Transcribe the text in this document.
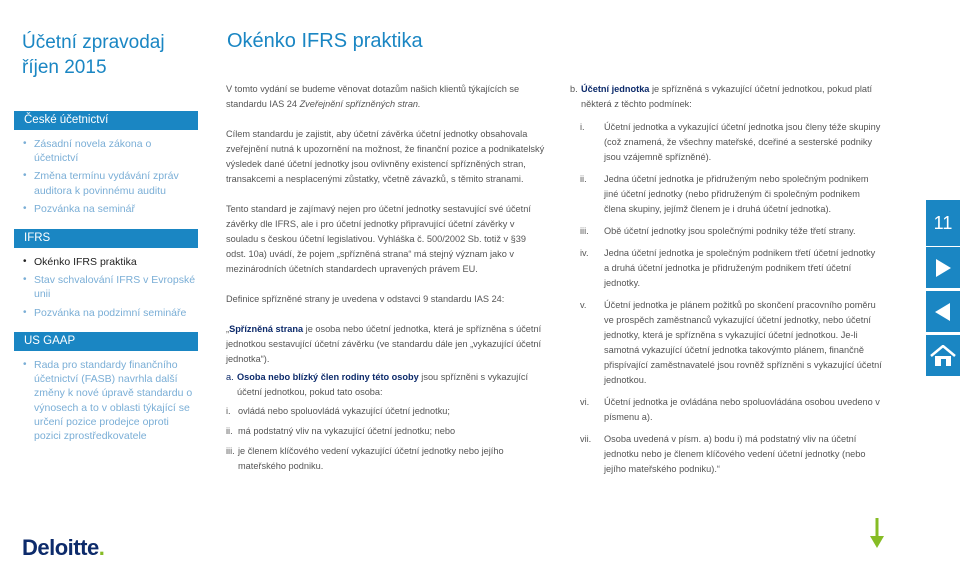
Účetní zpravodaj
říjen 2015
České účetnictví
• Zásadní novela zákona o účetnictví
• Změna termínu vydávání zpráv auditora k povinnému auditu
• Pozvánka na seminář
IFRS
• Okénko IFRS praktika
• Stav schvalování IFRS v Evropské unii
• Pozvánka na podzimní semináře
US GAAP
• Rada pro standardy finančního účetnictví (FASB) navrhla další změny k nové úpravě standardu o výnosech a to v oblasti týkající se určení pozice prodejce oproti pozici zprostředkovatele
Deloitte.
Okénko IFRS praktika

V tomto vydání se budeme věnovat dotazům našich klientů týkajících se standardu IAS 24 Zveřejnění spřízněných stran.

Cílem standardu je zajistit, aby účetní závěrka účetní jednotky obsahovala zveřejnění nutná k upozornění na možnost, že finanční pozice a podnikatelský výsledek dané účetní jednotky jsou ovlivněny existencí spřízněných stran, transakcemi a nesplacenými zůstatky, včetně závazků, s těmito stranami.

Tento standard je zajímavý nejen pro účetní jednotky sestavující své účetní závěrky dle IFRS, ale i pro účetní jednotky připravující účetní závěrky v souladu s českou účetní legislativou. Vyhláška č. 500/2002 Sb. totiž v §39 odst. 10a) uvádí, že pojem „spřízněná strana“ má stejný význam jako v mezinárodních účetních standardech upravených právem EU.

Definice spřízněné strany je uvedena v odstavci 9 standardu IAS 24:

„Spřízněná strana je osoba nebo účetní jednotka, která je spřízněna s účetní jednotkou sestavující účetní závěrku (ve standardu dále jen „vykazující účetní jednotka“).

a. Osoba nebo blízký člen rodiny této osoby jsou spřízněni s vykazující účetní jednotkou, pokud tato osoba:
i. ovládá nebo spoluovládá vykazující účetní jednotku;
ii. má podstatný vliv na vykazující účetní jednotku; nebo
iii. je členem klíčového vedení vykazující účetní jednotky nebo jejího mateřského podniku.
b. Účetní jednotka je spřízněná s vykazující účetní jednotkou, pokud platí některá z těchto podmínek:
i.	Účetní jednotka a vykazující účetní jednotka jsou členy téže skupiny (což znamená, že všechny mateřské, dceřiné a sesterské podniky jsou vzájemně spřízněné).
ii.	Jedna účetní jednotka je přidruženým nebo společným podnikem jiné účetní jednotky (nebo přidruženým či společným podnikem člena skupiny, jejímž členem je i druhá účetní jednotka).
iii.	Obě účetní jednotky jsou společnými podniky téže třetí strany.
iv.	Jedna účetní jednotka je společným podnikem třetí účetní jednotky a druhá účetní jednotka je přidruženým podnikem třetí účetní jednotky.
v.	Účetní jednotka je plánem požitků po skončení pracovního poměru ve prospěch zaměstnanců vykazující účetní jednotky, nebo účetní jednotky, která je spřízněna s vykazující účetní jednotkou. Je-li samotná vykazující účetní jednotka takovýmto plánem, finančně přispívající zaměstnavatelé jsou rovněž spřízněni s vykazující účetní jednotkou.
vi.	Účetní jednotka je ovládána nebo spoluovládána osobou uvedeno v písmenu a).
vii.	Osoba uvedená v písm. a) bodu i) má podstatný vliv na účetní jednotku nebo je členem klíčového vedení účetní jednotky (nebo jejího mateřského podniku).“
11
